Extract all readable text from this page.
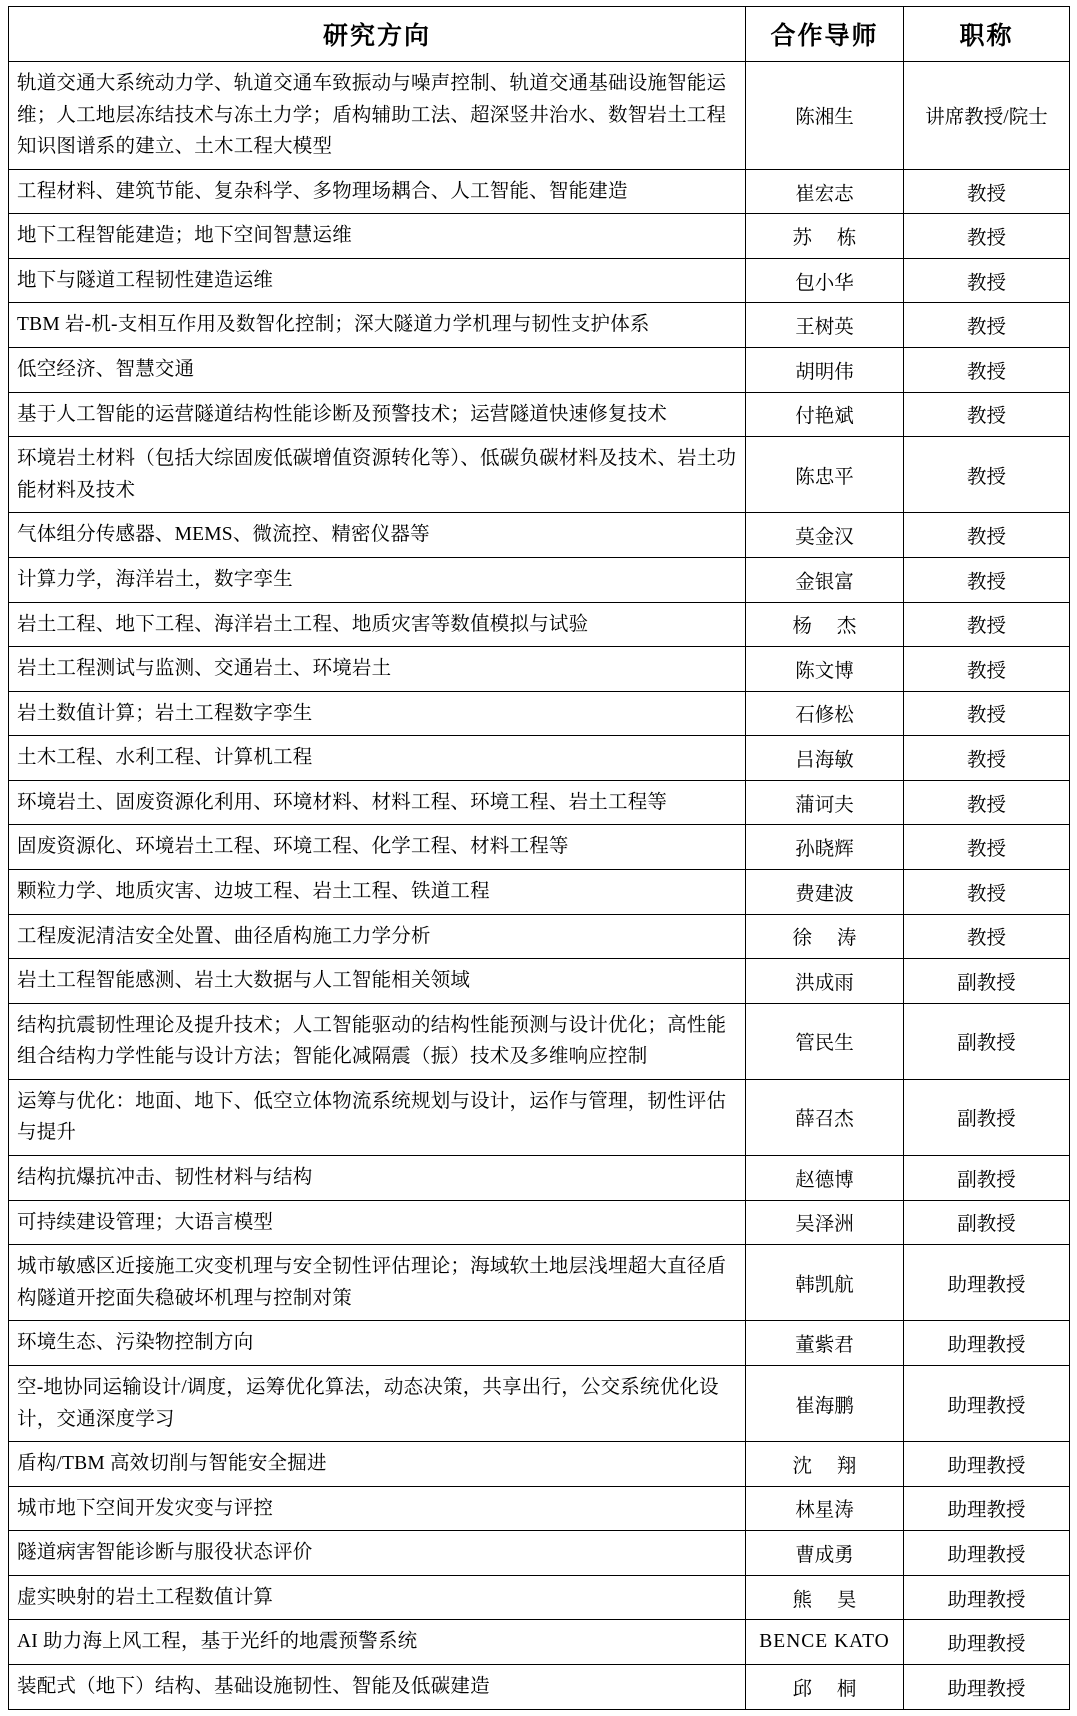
研究方向	合作导师	职称
轨道交通大系统动力学、轨道交通车致振动与噪声控制、轨道交通基础设施智能运维；人工地层冻结技术与冻土力学；盾构辅助工法、超深竖井治水、数智岩土工程知识图谱系的建立、土木工程大模型	陈湘生	讲席教授/院士
工程材料、建筑节能、复杂科学、多物理场耦合、人工智能、智能建造	崔宏志	教授
地下工程智能建造；地下空间智慧运维	苏 栋	教授
地下与隧道工程韧性建造运维	包小华	教授
TBM 岩-机-支相互作用及数智化控制；深大隧道力学机理与韧性支护体系	王树英	教授
低空经济、智慧交通	胡明伟	教授
基于人工智能的运营隧道结构性能诊断及预警技术；运营隧道快速修复技术	付艳斌	教授
环境岩土材料（包括大综固废低碳增值资源转化等）、低碳负碳材料及技术、岩土功能材料及技术	陈忠平	教授
气体组分传感器、MEMS、微流控、精密仪器等	莫金汉	教授
计算力学，海洋岩土，数字孪生	金银富	教授
岩土工程、地下工程、海洋岩土工程、地质灾害等数值模拟与试验	杨 杰	教授
岩土工程测试与监测、交通岩土、环境岩土	陈文博	教授
岩土数值计算；岩土工程数字孪生	石修松	教授
土木工程、水利工程、计算机工程	吕海敏	教授
环境岩土、固废资源化利用、环境材料、材料工程、环境工程、岩土工程等	蒲诃夫	教授
固废资源化、环境岩土工程、环境工程、化学工程、材料工程等	孙晓辉	教授
颗粒力学、地质灾害、边坡工程、岩土工程、铁道工程	费建波	教授
工程废泥清洁安全处置、曲径盾构施工力学分析	徐 涛	教授
岩土工程智能感测、岩土大数据与人工智能相关领域	洪成雨	副教授
结构抗震韧性理论及提升技术；人工智能驱动的结构性能预测与设计优化；高性能组合结构力学性能与设计方法；智能化减隔震（振）技术及多维响应控制	管民生	副教授
运筹与优化：地面、地下、低空立体物流系统规划与设计，运作与管理，韧性评估与提升	薛召杰	副教授
结构抗爆抗冲击、韧性材料与结构	赵德博	副教授
可持续建设管理；大语言模型	吴泽洲	副教授
城市敏感区近接施工灾变机理与安全韧性评估理论；海域软土地层浅埋超大直径盾构隧道开挖面失稳破坏机理与控制对策	韩凯航	助理教授
环境生态、污染物控制方向	董紫君	助理教授
空-地协同运输设计/调度，运筹优化算法，动态决策，共享出行，公交系统优化设计，交通深度学习	崔海鹏	助理教授
盾构/TBM 高效切削与智能安全掘进	沈 翔	助理教授
城市地下空间开发灾变与评控	林星涛	助理教授
隧道病害智能诊断与服役状态评价	曹成勇	助理教授
虚实映射的岩土工程数值计算	熊 昊	助理教授
AI 助力海上风工程，基于光纤的地震预警系统	BENCE KATO	助理教授
装配式（地下）结构、基础设施韧性、智能及低碳建造	邱 桐	助理教授
